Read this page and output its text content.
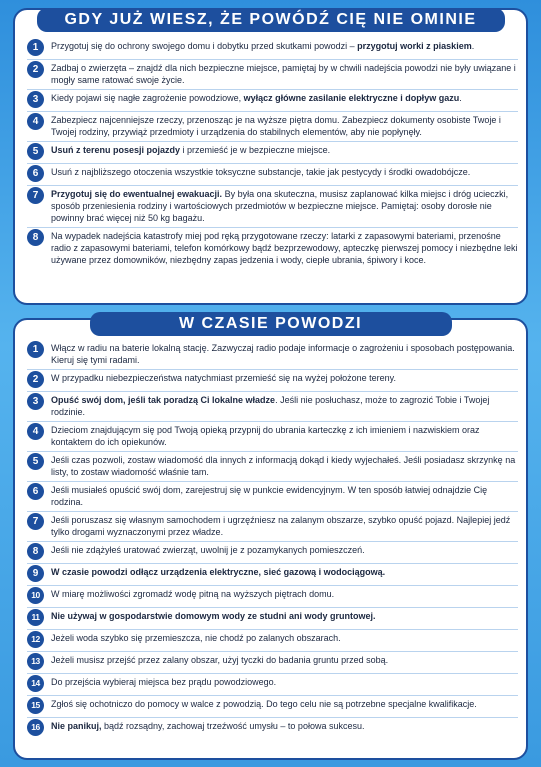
GDY JUŻ WIESZ, ŻE POWÓDŹ CIĘ NIE OMINIE
1	Przygotuj się do ochrony swojego domu i dobytku przed skutkami powodzi – przygotuj worki z piaskiem.
2	Zadbaj o zwierzęta – znajdź dla nich bezpieczne miejsce, pamiętaj by w chwili nadejścia powodzi nie były uwiązane i mogły same ratować swoje życie.
3	Kiedy pojawi się nagłe zagrożenie powodziowe, wyłącz główne zasilanie elektryczne i dopływ gazu.
4	Zabezpiecz najcenniejsze rzeczy, przenosząc je na wyższe piętra domu. Zabezpiecz dokumenty osobiste Twoje i Twojej rodziny, przywiąż przedmioty i urządzenia do stabilnych elementów, aby nie popłynęły.
5	Usuń z terenu posesji pojazdy i przemieść je w bezpieczne miejsce.
6	Usuń z najbliższego otoczenia wszystkie toksyczne substancje, takie jak pestycydy i środki owadobójcze.
7	Przygotuj się do ewentualnej ewakuacji. By była ona skuteczna, musisz zaplanować kilka miejsc i dróg ucieczki, sposób przeniesienia rodziny i wartościowych przedmiotów w bezpieczne miejsce. Pamiętaj: osoby dorosłe nie powinny brać więcej niż 50 kg bagażu.
8	Na wypadek nadejścia katastrofy miej pod ręką przygotowane rzeczy: latarki z zapasowymi bateriami, przenośne radio z zapasowymi bateriami, telefon komórkowy bądź bezprzewodowy, apteczkę pierwszej pomocy i niezbędne leki używane przez domowników, niezbędny zapas jedzenia i wody, ciepłe ubrania, śpiwory i koce.
W CZASIE POWODZI
1	Włącz w radiu na baterie lokalną stację. Zazwyczaj radio podaje informacje o zagrożeniu i sposobach postępowania. Kieruj się tymi radami.
2	W przypadku niebezpieczeństwa natychmiast przemieść się na wyżej położone tereny.
3	Opuść swój dom, jeśli tak poradzą Ci lokalne władze. Jeśli nie posłuchasz, może to zagrozić Tobie i Twojej rodzinie.
4	Dzieciom znajdującym się pod Twoją opieką przypnij do ubrania karteczkę z ich imieniem i nazwiskiem oraz kontaktem do ich opiekunów.
5	Jeśli czas pozwoli, zostaw wiadomość dla innych z informacją dokąd i kiedy wyjechałeś. Jeśli posiadasz skrzynkę na listy, to zostaw wiadomość właśnie tam.
6	Jeśli musiałeś opuścić swój dom, zarejestruj się w punkcie ewidencyjnym. W ten sposób łatwiej odnajdzie Cię rodzina.
7	Jeśli poruszasz się własnym samochodem i ugrzęźniesz na zalanym obszarze, szybko opuść pojazd. Najlepiej jedź tylko drogami wyznaczonymi przez władze.
8	Jeśli nie zdążyłeś uratować zwierząt, uwolnij je z pozamykanych pomieszczeń.
9	W czasie powodzi odłącz urządzenia elektryczne, sieć gazową i wodociągową.
10	W miarę możliwości zgromadź wodę pitną na wyższych piętrach domu.
11	Nie używaj w gospodarstwie domowym wody ze studni ani wody gruntowej.
12	Jeżeli woda szybko się przemieszcza, nie chodź po zalanych obszarach.
13	Jeżeli musisz przejść przez zalany obszar, użyj tyczki do badania gruntu przed sobą.
14	Do przejścia wybieraj miejsca bez prądu powodziowego.
15	Zgłoś się ochotniczo do pomocy w walce z powodzią. Do tego celu nie są potrzebne specjalne kwalifikacje.
16	Nie panikuj, bądź rozsądny, zachowaj trzeźwość umysłu – to połowa sukcesu.
